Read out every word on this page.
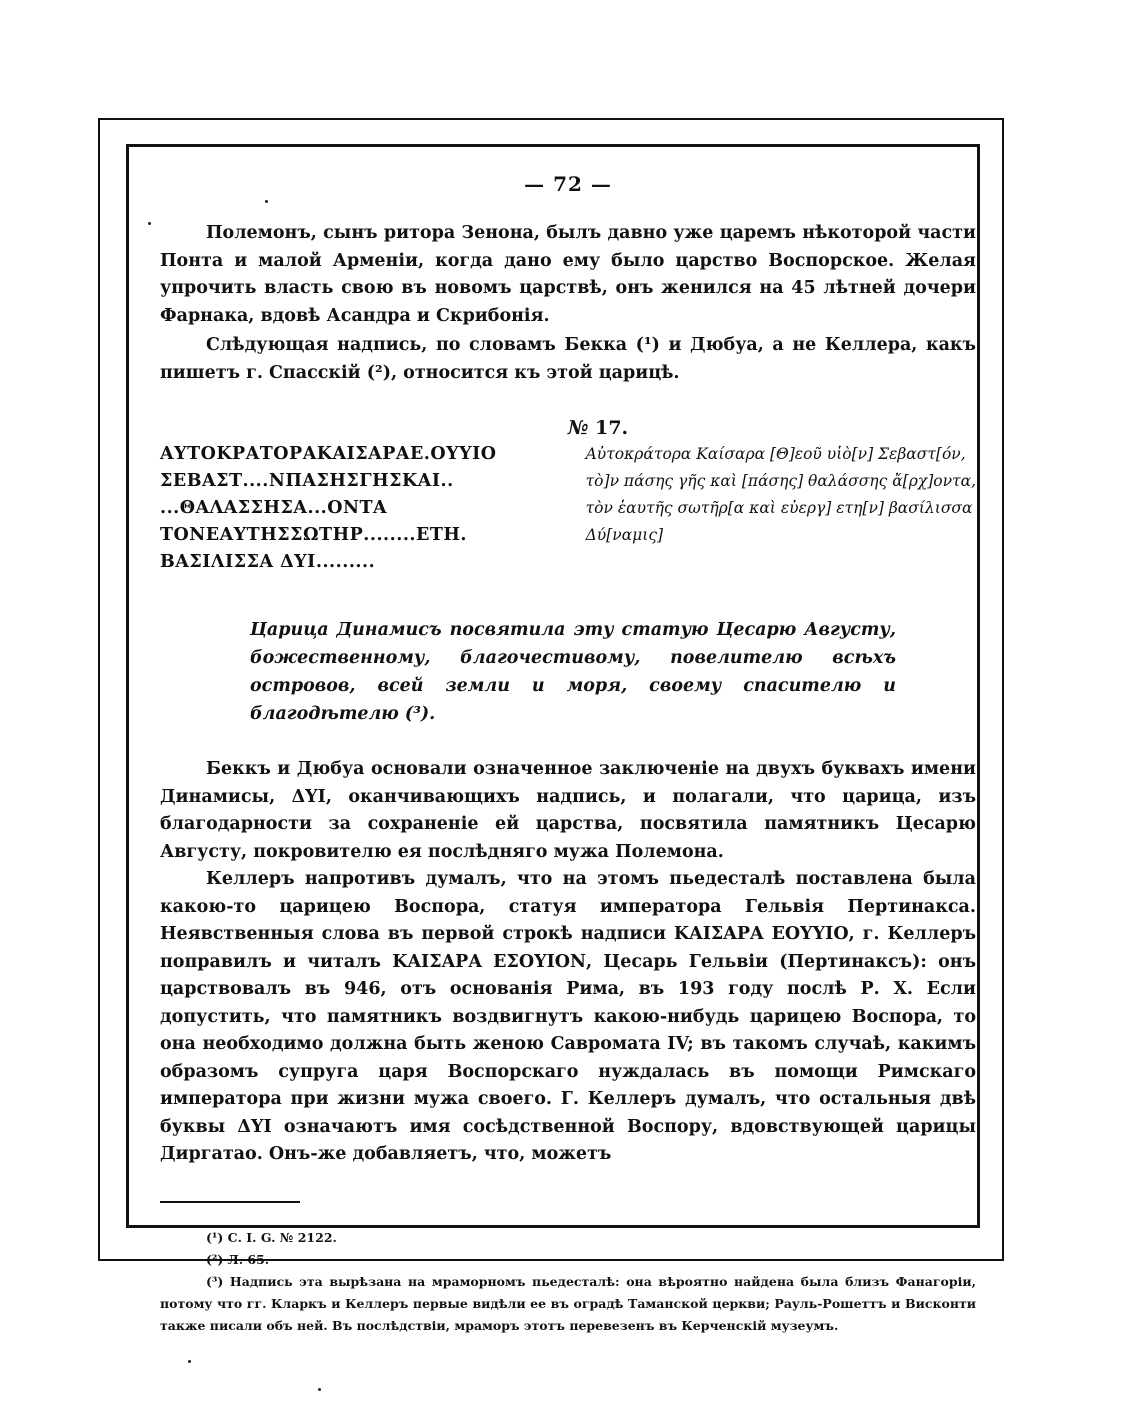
— 72 —

Полемонъ, сынъ ритора Зенона, былъ давно уже царемъ нѣкоторой части Понта и малой Арменіи, когда дано ему было царство Воспорское. Желая упрочить власть свою въ новомъ царствѣ, онъ женился на 45 лѣтней дочери Фарнака, вдовѣ Асандра и Скрибонія.

Слѣдующая надпись, по словамъ Бекка (¹) и Дюбуа, а не Келлера, какъ пишетъ г. Спасскій (²), относится къ этой царицѣ.

№ 17.
ΑΥΤΟΚΡΑΤΟΡΑΚΑΙΣΑΡΑΕ.ΟΥΥΙΟ
ΣΕΒΑΣΤ....ΝΠΑΣΗΣΓΗΣΚΑΙ..
...ΘΑΛΑΣΣΗΣΑ...ΟΝΤΑ
ΤΟΝΕΑΥΤΗΣΣΩΤΗΡ........ΕΤΗ.
ΒΑΣΙΛΙΣΣΑ ΔΥΙ.........
Αὐτοκράτορα Καίσαρα [Θ]εοῦ υἱὸ[ν] Σεβαστ[όν,
τὸ]ν πάσης γῆς καὶ [πάσης] θαλάσσης ἄ[ρχ]οντα,
τὸν ἑαυτῆς σωτῆρ[α καὶ εὐεργ] ετη[ν] βασίλισσα
Δύ[ναμις]
Царица Динамисъ посвятила эту статую Цесарю Августу, божественному, благочестивому, повелителю всѣхъ островов, всей земли и моря, своему спасителю и благодѣтелю (³).

Беккъ и Дюбуа основали означенное заключеніе на двухъ буквахъ имени Динамисы, ΔΥΙ, оканчивающихъ надпись, и полагали, что царица, изъ благодарности за сохраненіе ей царства, посвятила памятникъ Цесарю Августу, покровителю ея послѣдняго мужа Полемона.

Келлеръ напротивъ думалъ, что на этомъ пьедесталѣ поставлена была какою-то царицею Воспора, статуя императора Гельвія Пертинакса. Неявственныя слова въ первой строкѣ надписи ΚΑΙΣΑΡΑ ΕΟΥΥΙΟ, г. Келлеръ поправилъ и читалъ ΚΑΙΣΑΡΑ ΕΣΟΥΙΟΝ, Цесарь Гельвіи (Пертинаксъ): онъ царствовалъ въ 946, отъ основанія Рима, въ 193 году послѣ Р. Х. Если допустить, что памятникъ воздвигнутъ какою-нибудь царицею Воспора, то она необходимо должна быть женою Савромата IV; въ такомъ случаѣ, какимъ образомъ супруга царя Воспорскаго нуждалась въ помощи Римскаго императора при жизни мужа своего. Г. Келлеръ думалъ, что остальныя двѣ буквы ΔΥΙ означаютъ имя сосѣдственной Воспору, вдовствующей царицы Диргатао. Онъ-же добавляетъ, что, можетъ

(¹) С. I. G. № 2122.
(²) Л. 65.
(³) Надпись эта вырѣзана на мраморномъ пьедесталѣ: она вѣроятно найдена была близъ Фанагоріи, потому что гг. Кларкъ и Келлеръ первые видѣли ее въ оградѣ Таманской церкви; Рауль-Рошеттъ и Висконти также писали объ ней. Въ послѣдствіи, мраморъ этотъ перевезенъ въ Керченскій музеумъ.
